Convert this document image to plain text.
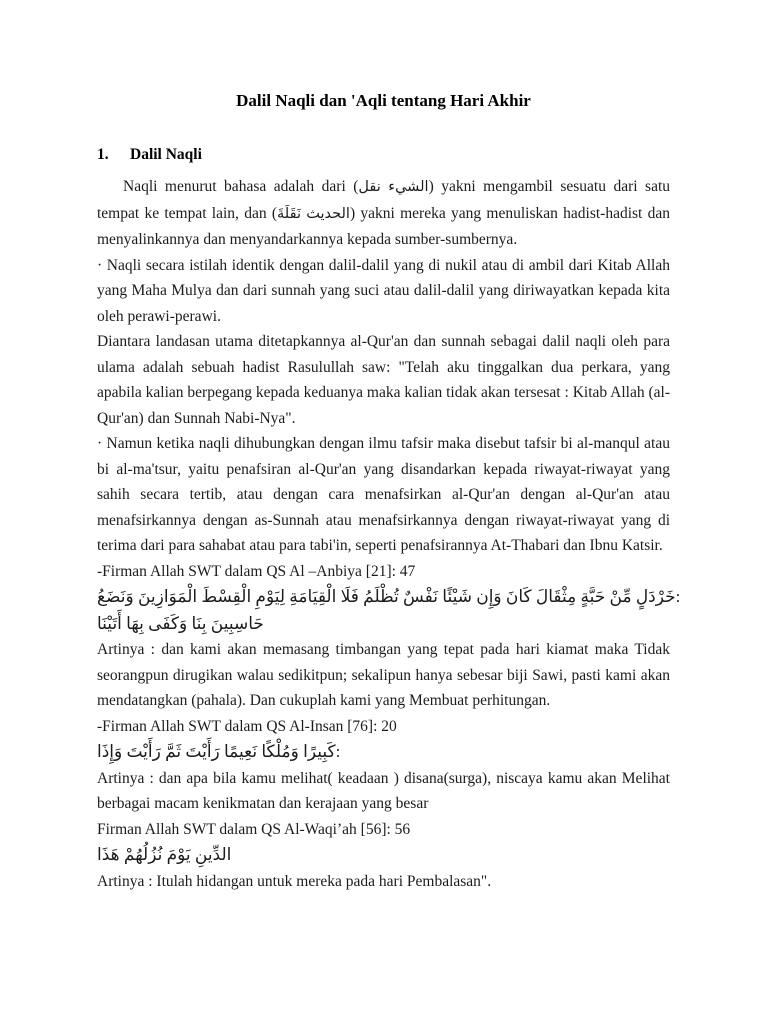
Dalil Naqli dan 'Aqli tentang Hari Akhir
1. Dalil Naqli
Naqli menurut bahasa adalah dari (نقل الشيء) yakni mengambil sesuatu dari satu tempat ke tempat lain, dan (نَقَلَةَ الحديث) yakni mereka yang menuliskan hadist-hadist dan menyalinkannya dan menyandarkannya kepada sumber-sumbernya.
· Naqli secara istilah identik dengan dalil-dalil yang di nukil atau di ambil dari Kitab Allah yang Maha Mulya dan dari sunnah yang suci atau dalil-dalil yang diriwayatkan kepada kita oleh perawi-perawi.
Diantara landasan utama ditetapkannya al-Qur'an dan sunnah sebagai dalil naqli oleh para ulama adalah sebuah hadist Rasulullah saw: "Telah aku tinggalkan dua perkara, yang apabila kalian berpegang kepada keduanya maka kalian tidak akan tersesat : Kitab Allah (al-Qur'an) dan Sunnah Nabi-Nya".
· Namun ketika naqli dihubungkan dengan ilmu tafsir maka disebut tafsir bi al-manqul atau bi al-ma'tsur, yaitu penafsiran al-Qur'an yang disandarkan kepada riwayat-riwayat yang sahih secara tertib, atau dengan cara menafsirkan al-Qur'an dengan al-Qur'an atau menafsirkannya dengan as-Sunnah atau menafsirkannya dengan riwayat-riwayat yang di terima dari para sahabat atau para tabi'in, seperti penafsirannya At-Thabari dan Ibnu Katsir.
-Firman Allah SWT dalam QS Al –Anbiya [21]: 47
وَنَضَعُ الْمَوَازِينَ الْقِسْطَ لِيَوْمِ الْقِيَامَةِ فَلَا تُظْلَمُ نَفْسٌ شَيْئًا وَإِن كَانَ مِثْقَالَ حَبَّةٍ مِّنْ خَرْدَلٍ:
أَتَيْنَا بِهَا وَكَفَى بِنَا حَاسِبِينَ
Artinya : dan kami akan memasang timbangan yang tepat pada hari kiamat maka Tidak seorangpun dirugikan walau sedikitpun; sekalipun hanya sebesar biji Sawi, pasti kami akan mendatangkan (pahala). Dan cukuplah kami yang Membuat perhitungan.
-Firman Allah SWT dalam QS Al-Insan [76]: 20
وَإِذَا رَأَيْتَ ثَمَّ رَأَيْتَ نَعِيمًا وَمُلْكًا كَبِيرًا:
Artinya : dan apa bila kamu melihat( keadaan ) disana(surga), niscaya kamu akan Melihat berbagai macam kenikmatan dan kerajaan yang besar
Firman Allah SWT dalam QS Al-Waqi’ah [56]: 56
هَذَا نُزُلُهُمْ يَوْمَ الدِّينِ
Artinya : Itulah hidangan untuk mereka pada hari Pembalasan".
